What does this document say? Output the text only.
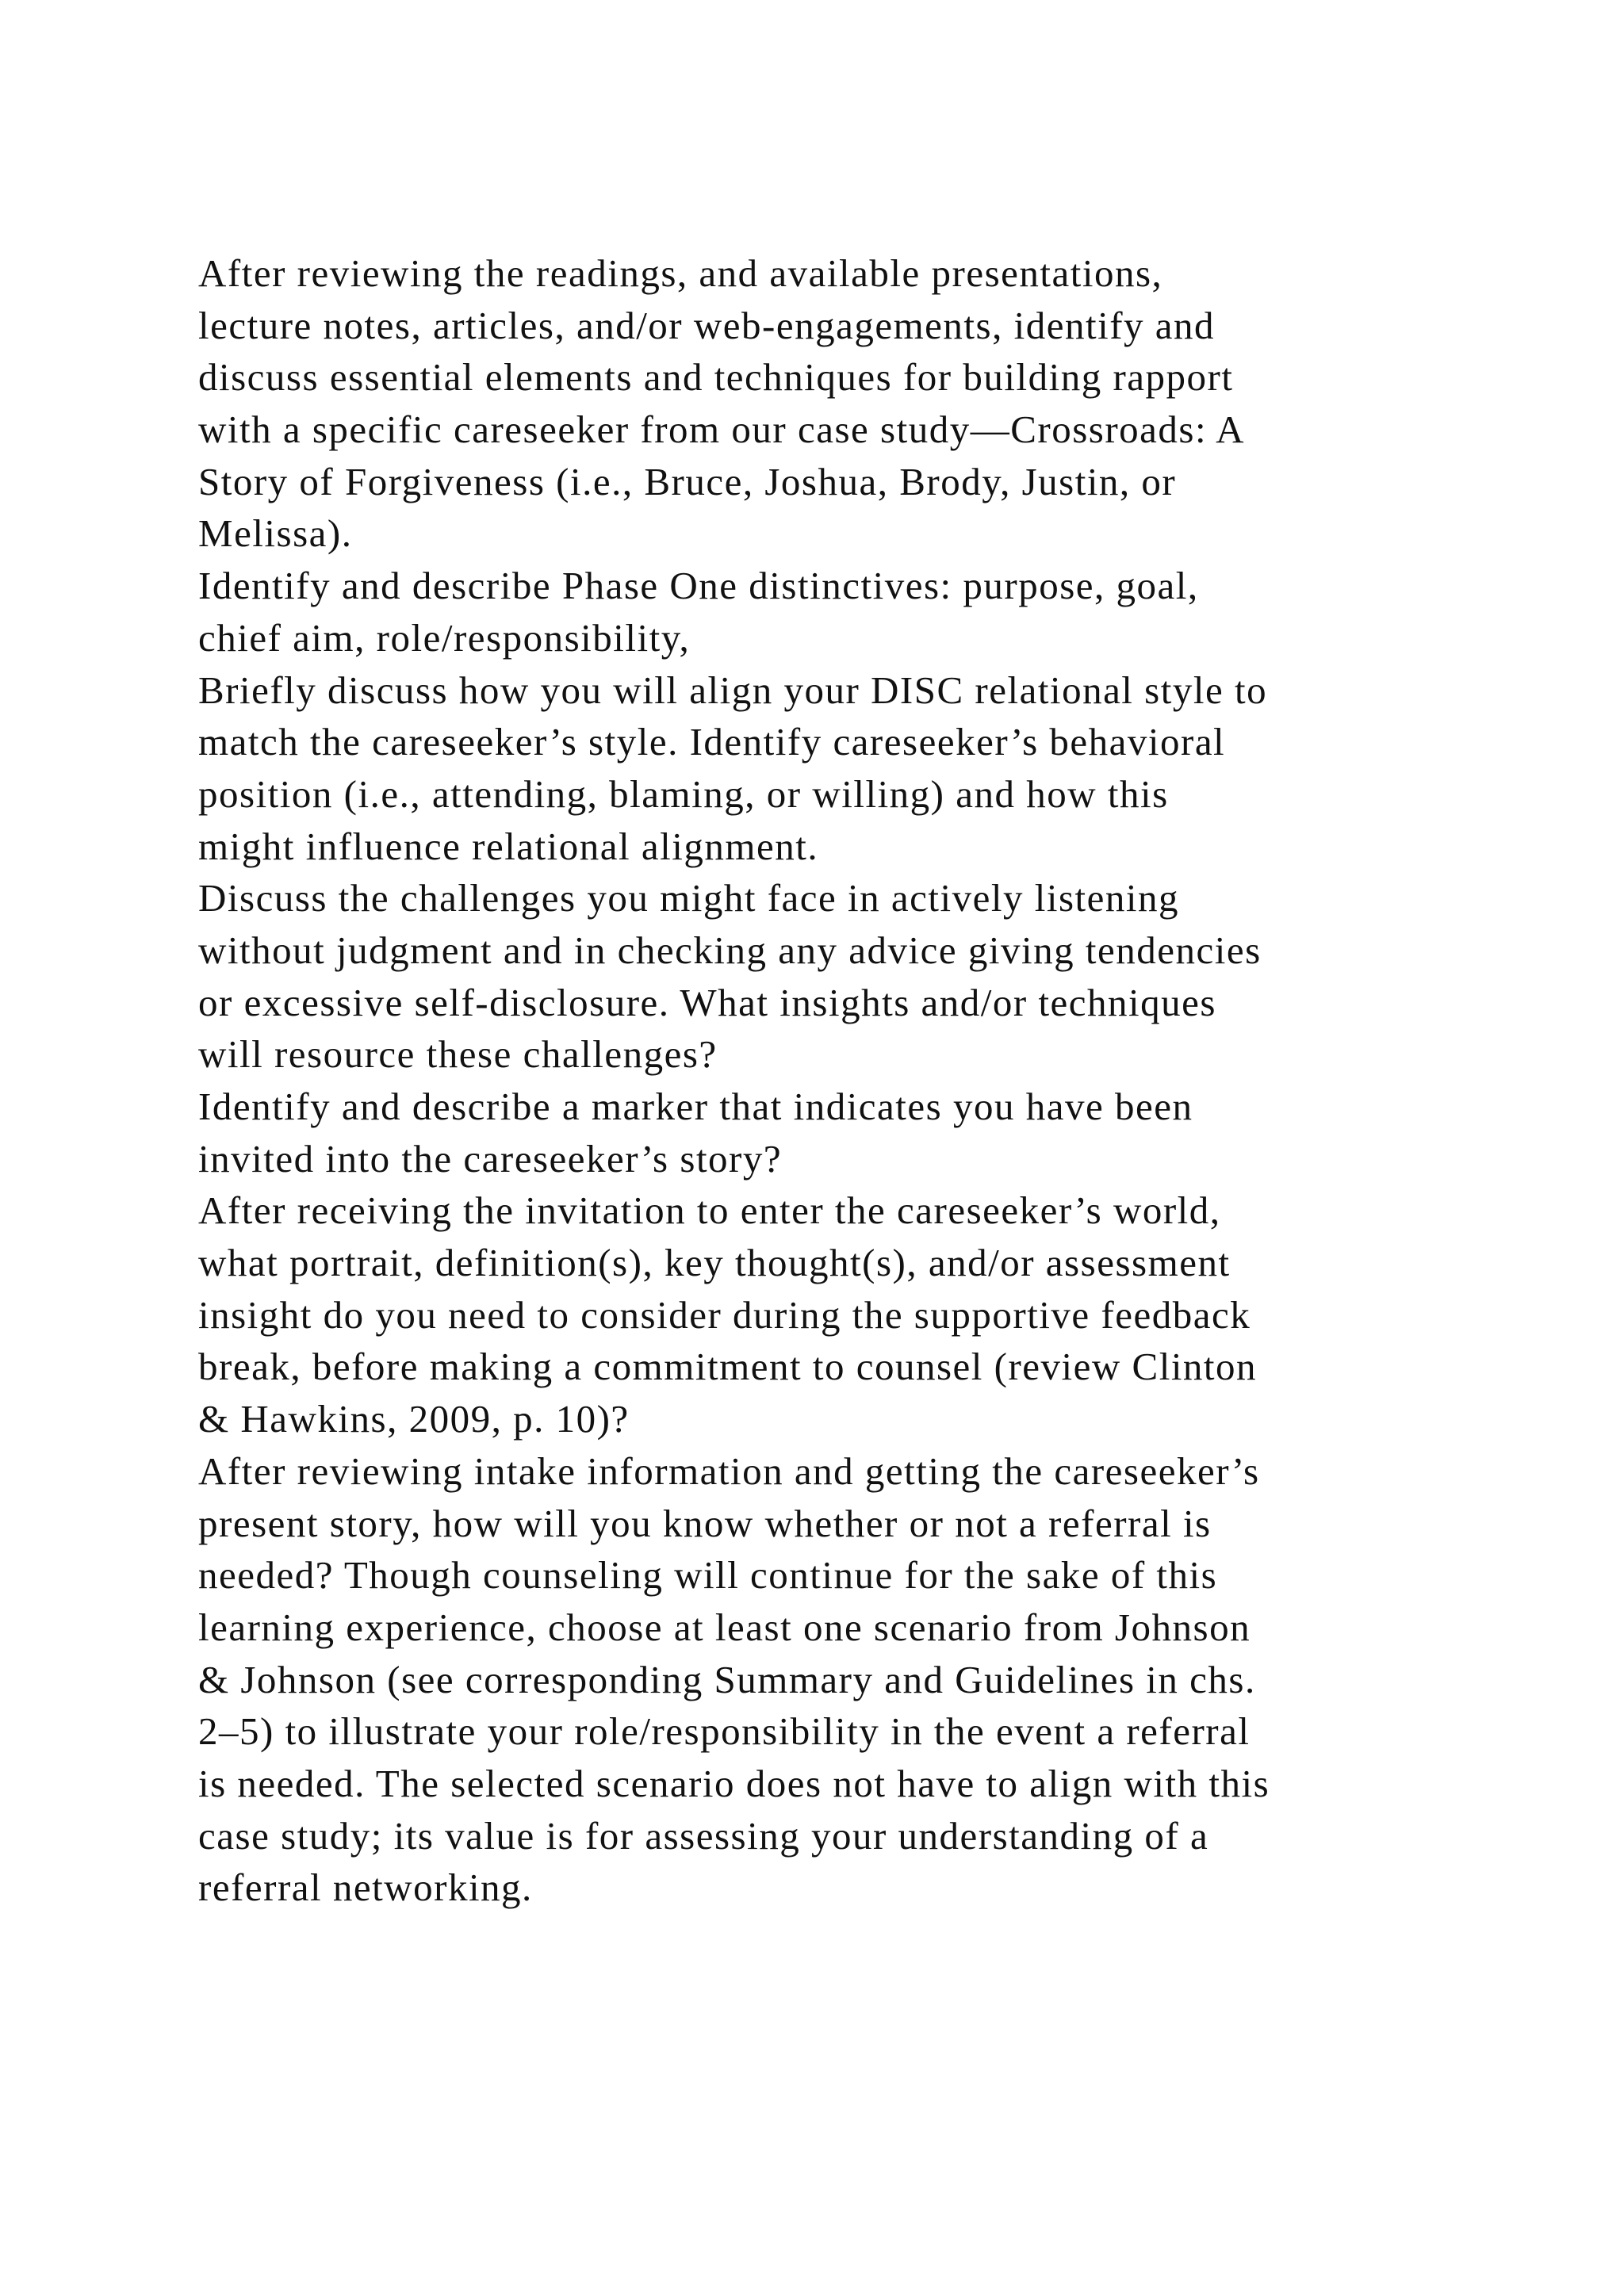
After reviewing the readings, and available presentations,
lecture notes, articles, and/or web-engagements, identify and
discuss essential elements and techniques for building rapport
with a specific careseeker from our case study—Crossroads: A
Story of Forgiveness (i.e., Bruce, Joshua, Brody, Justin, or
Melissa).
Identify and describe Phase One distinctives: purpose, goal,
chief aim, role/responsibility,
Briefly discuss how you will align your DISC relational style to
match the careseeker’s style. Identify careseeker’s behavioral
position (i.e., attending, blaming, or willing) and how this
might influence relational alignment.
Discuss the challenges you might face in actively listening
without judgment and in checking any advice giving tendencies
or excessive self-disclosure. What insights and/or techniques
will resource these challenges?
Identify and describe a marker that indicates you have been
invited into the careseeker’s story?
After receiving the invitation to enter the careseeker’s world,
what portrait, definition(s), key thought(s), and/or assessment
insight do you need to consider during the supportive feedback
break, before making a commitment to counsel (review Clinton
& Hawkins, 2009, p. 10)?
After reviewing intake information and getting the careseeker’s
present story, how will you know whether or not a referral is
needed? Though counseling will continue for the sake of this
learning experience, choose at least one scenario from Johnson
& Johnson (see corresponding Summary and Guidelines in chs.
2–5) to illustrate your role/responsibility in the event a referral
is needed. The selected scenario does not have to align with this
case study; its value is for assessing your understanding of a
referral networking.
